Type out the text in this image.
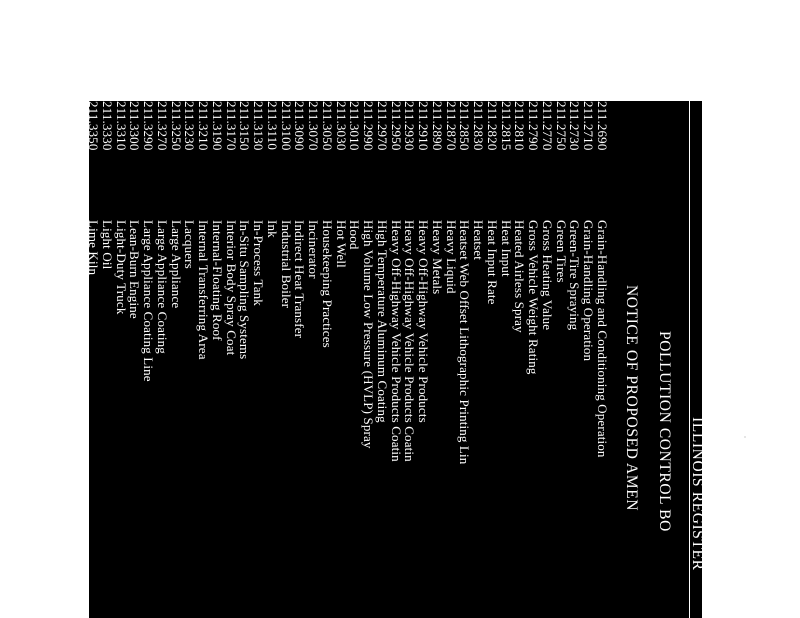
ILLINOIS REGISTER
POLLUTION CONTROL BO
NOTICE OF PROPOSED AMEN
211.2690
Grain-Handling and Conditioning Operation
211.2710
Grain-Handling Operation
211.2730
Green-Tire Spraying
211.2750
Green Tires
211.2770
Gross Heating Value
211.2790
Gross Vehicle Weight Rating
211.2810
Heated Airless Spray
211.2815
Heat Input
211.2820
Heat Input Rate
211.2830
Heatset
211.2850
Heatset Web Offset Lithographic Printing Lin
211.2870
Heavy Liquid
211.2890
Heavy Metals
211.2910
Heavy Off-Highway Vehicle Products
211.2930
Heavy Off-Highway Vehicle Products Coatin
211.2950
Heavy Off-Highway Vehicle Products Coatin
211.2970
High Temperature Aluminum Coating
211.2990
High Volume Low Pressure (HVLP) Spray
211.3010
Hood
211.3030
Hot Well
211.3050
Housekeeping Practices
211.3070
Incinerator
211.3090
Indirect Heat Transfer
211.3100
Industrial Boiler
211.3110
Ink
211.3130
In-Process Tank
211.3150
In-Situ Sampling Systems
211.3170
Interior Body Spray Coat
211.3190
Internal-Floating Roof
211.3210
Internal Transferring Area
211.3230
Lacquers
211.3250
Large Appliance
211.3270
Large Appliance Coating
211.3290
Large Appliance Coating Line
211.3300
Lean-Burn Engine
211.3310
Light-Duty Truck
211.3330
Light Oil
211.3350
Lime Kiln
211.3355
Lime Kiln
211.3370
Liquid/Gas Method
